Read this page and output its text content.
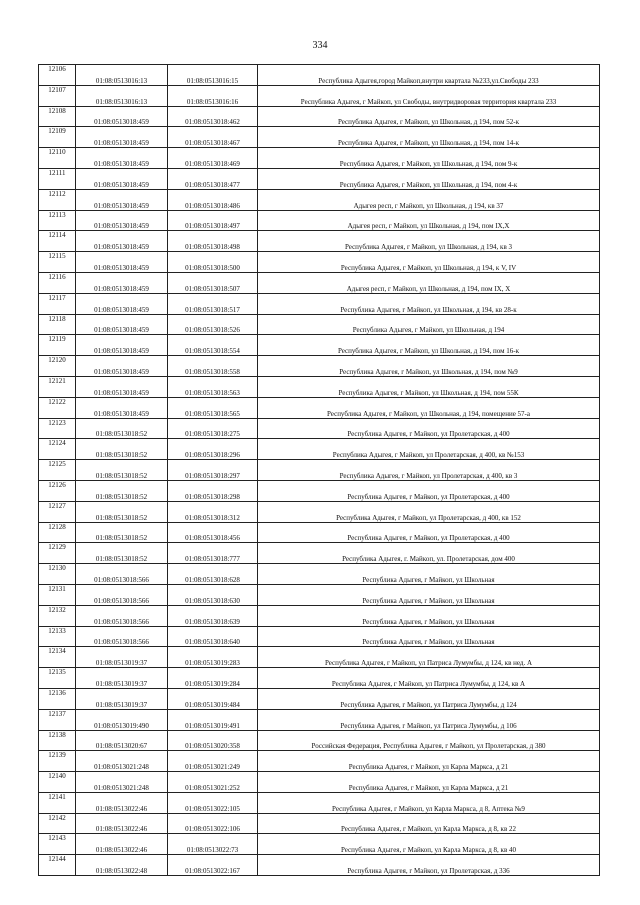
334
12106	01:08:0513016:13	01:08:0513016:15	Республика Адыгея,город Майкоп,внутри квартала №233,ул.Свободы 233
12107	01:08:0513016:13	01:08:0513016:16	Республика Адыгея, г Майкоп, ул Свободы, внутридворовая территория квартала 233
12108	01:08:0513018:459	01:08:0513018:462	Республика Адыгея, г Майкоп, ул Школьная, д 194, пом 52-к
12109	01:08:0513018:459	01:08:0513018:467	Республика Адыгея, г Майкоп, ул Школьная, д 194, пом 14-к
12110	01:08:0513018:459	01:08:0513018:469	Республика Адыгея, г Майкоп, ул Школьная, д 194, пом 9-к
12111	01:08:0513018:459	01:08:0513018:477	Республика Адыгея, г Майкоп, ул Школьная, д 194, пом 4-к
12112	01:08:0513018:459	01:08:0513018:486	Адыгея респ, г Майкоп, ул Школьная, д 194, кв 37
12113	01:08:0513018:459	01:08:0513018:497	Адыгея респ, г Майкоп, ул Школьная, д 194, пом IX,X
12114	01:08:0513018:459	01:08:0513018:498	Республика Адыгея, г Майкоп, ул Школьная, д 194, кв 3
12115	01:08:0513018:459	01:08:0513018:500	Республика Адыгея, г Майкоп, ул Школьная, д 194, к V, IV
12116	01:08:0513018:459	01:08:0513018:507	Адыгея респ, г Майкоп, ул Школьная, д 194, пом IX, X
12117	01:08:0513018:459	01:08:0513018:517	Республика Адыгея, г Майкоп, ул Школьная, д 194, кв 28-к
12118	01:08:0513018:459	01:08:0513018:526	Республика Адыгея, г Майкоп, ул Школьная, д 194
12119	01:08:0513018:459	01:08:0513018:554	Республика Адыгея, г Майкоп, ул Школьная, д 194, пом 16-к
12120	01:08:0513018:459	01:08:0513018:558	Республика Адыгея, г Майкоп, ул Школьная, д 194, пом №9
12121	01:08:0513018:459	01:08:0513018:563	Республика Адыгея, г Майкоп, ул Школьная, д 194, пом 55К
12122	01:08:0513018:459	01:08:0513018:565	Республика Адыгея, г Майкоп, ул Школьная, д 194, помещение 57-а
12123	01:08:0513018:52	01:08:0513018:275	Республика Адыгея, г Майкоп, ул Пролетарская, д 400
12124	01:08:0513018:52	01:08:0513018:296	Республика Адыгея, г Майкоп, ул Пролетарская, д 400, кв №153
12125	01:08:0513018:52	01:08:0513018:297	Республика Адыгея, г Майкоп, ул Пролетарская, д 400, кв 3
12126	01:08:0513018:52	01:08:0513018:298	Республика Адыгея, г Майкоп, ул Пролетарская, д 400
12127	01:08:0513018:52	01:08:0513018:312	Республика Адыгея, г Майкоп, ул Пролетарская, д 400, кв 152
12128	01:08:0513018:52	01:08:0513018:456	Республика Адыгея, г Майкоп, ул Пролетарская, д 400
12129	01:08:0513018:52	01:08:0513018:777	Республика Адыгея, г. Майкоп, ул. Пролетарская, дом 400
12130	01:08:0513018:566	01:08:0513018:628	Республика Адыгея, г Майкоп, ул Школьная
12131	01:08:0513018:566	01:08:0513018:630	Республика Адыгея, г Майкоп, ул Школьная
12132	01:08:0513018:566	01:08:0513018:639	Республика Адыгея, г Майкоп, ул Школьная
12133	01:08:0513018:566	01:08:0513018:640	Республика Адыгея, г Майкоп, ул Школьная
12134	01:08:0513019:37	01:08:0513019:283	Республика Адыгея, г Майкоп, ул Патриса Лумумбы, д 124, кв нед. А
12135	01:08:0513019:37	01:08:0513019:284	Республика Адыгея, г Майкоп, ул Патриса Лумумбы, д 124, кв А
12136	01:08:0513019:37	01:08:0513019:484	Республика Адыгея, г Майкоп, ул Патриса Лумумбы, д 124
12137	01:08:0513019:490	01:08:0513019:491	Республика Адыгея, г Майкоп, ул Патриса Лумумбы, д 106
12138	01:08:0513020:67	01:08:0513020:358	Российская Федерация, Республика Адыгея, г Майкоп, ул Пролетарская, д 380
12139	01:08:0513021:248	01:08:0513021:249	Республика Адыгея, г Майкоп, ул Карла Маркса, д 21
12140	01:08:0513021:248	01:08:0513021:252	Республика Адыгея, г Майкоп, ул Карла Маркса, д 21
12141	01:08:0513022:46	01:08:0513022:105	Республика Адыгея, г Майкоп, ул Карла Маркса, д 8, Аптека №9
12142	01:08:0513022:46	01:08:0513022:106	Республика Адыгея, г Майкоп, ул Карла Маркса, д 8, кв 22
12143	01:08:0513022:46	01:08:0513022:73	Республика Адыгея, г Майкоп, ул Карла Маркса, д 8, кв 40
12144	01:08:0513022:48	01:08:0513022:167	Республика Адыгея, г Майкоп, ул Пролетарская, д 336
